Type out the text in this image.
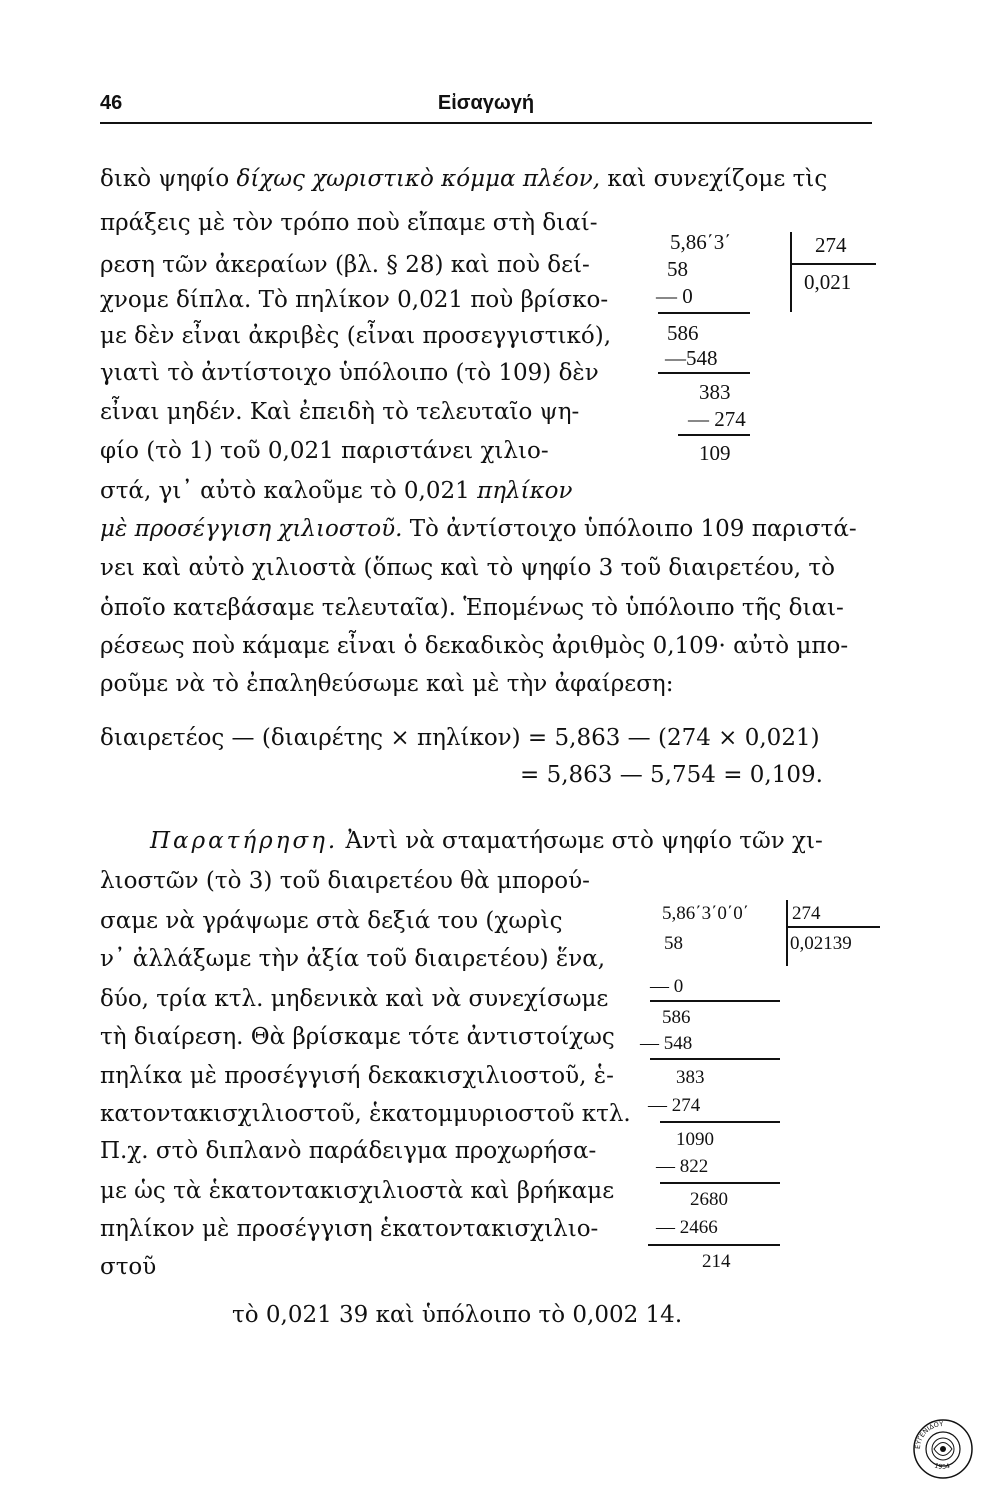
46	Εἰσαγωγή
δικὸ ψηφίο δίχως χωριστικὸ κόμμα πλέον, καὶ συνεχίζομε τὶς
πράξεις μὲ τὸν τρόπο ποὺ εἴπαμε στὴ διαί-
ρεση τῶν ἀκεραίων (βλ. § 28) καὶ ποὺ δεί-
χνομε δίπλα. Τὸ πηλίκον 0,021 ποὺ βρίσκο-
με δὲν εἶναι ἀκριβὲς (εἶναι προσεγγιστικό),
γιατὶ τὸ ἀντίστοιχο ὑπόλοιπο (τὸ 109) δὲν
εἶναι μηδέν. Καὶ ἐπειδὴ τὸ τελευταῖο ψη-
φίο (τὸ 1) τοῦ 0,021 παριστάνει χιλιο-
στά, γι᾿ αὐτὸ καλοῦμε τὸ 0,021 πηλίκον
μὲ προσέγγιση χιλιοστοῦ. Τὸ ἀντίστοιχο ὑπόλοιπο 109 παριστά-
νει καὶ αὐτὸ χιλιοστὰ (ὅπως καὶ τὸ ψηφίο 3 τοῦ διαιρετέου, τὸ
ὁποῖο κατεβάσαμε τελευταῖα). Ἑπομένως τὸ ὑπόλοιπο τῆς διαι-
ρέσεως ποὺ κάμαμε εἶναι ὁ δεκαδικὸς ἀριθμὸς 0,109· αὐτὸ μπο-
ροῦμε νὰ τὸ ἐπαληθεύσωμε καὶ μὲ τὴν ἀφαίρεση:
5,86΄3΄
58
— 0
586
—548
383
— 274
109
274
0,021
διαιρετέος — (διαιρέτης × πηλίκον) = 5,863 — (274 × 0,021)
= 5,863 — 5,754 = 0,109.
Παρατήρηση. Ἀντὶ νὰ σταματήσωμε στὸ ψηφίο τῶν χι-
λιοστῶν (τὸ 3) τοῦ διαιρετέου θὰ μπορού-
σαμε νὰ γράψωμε στὰ δεξιά του (χωρὶς
ν᾿ ἀλλάξωμε τὴν ἀξία τοῦ διαιρετέου) ἕνα,
δύο, τρία κτλ. μηδενικὰ καὶ νὰ συνεχίσωμε
τὴ διαίρεση. Θὰ βρίσκαμε τότε ἀντιστοίχως
πηλίκα μὲ προσέγγισή δεκακισχιλιοστοῦ, ἑ-
κατοντακισχιλιοστοῦ, ἑκατομμυριοστοῦ κτλ.
Π.χ. στὸ διπλανὸ παράδειγμα προχωρήσα-
με ὡς τὰ ἑκατοντακισχιλιοστὰ καὶ βρήκαμε
πηλίκον μὲ προσέγγιση ἑκατοντακισχιλιο-
στοῦ
τὸ 0,021 39 καὶ ὑπόλοιπο τὸ 0,002 14.
5,86΄3΄0΄0΄
58
— 0
586
— 548
383
— 274
1090
— 822
2680
— 2466
214
274
0,02139
ΕΥΓΕΝΙΔΟΥ
1954
